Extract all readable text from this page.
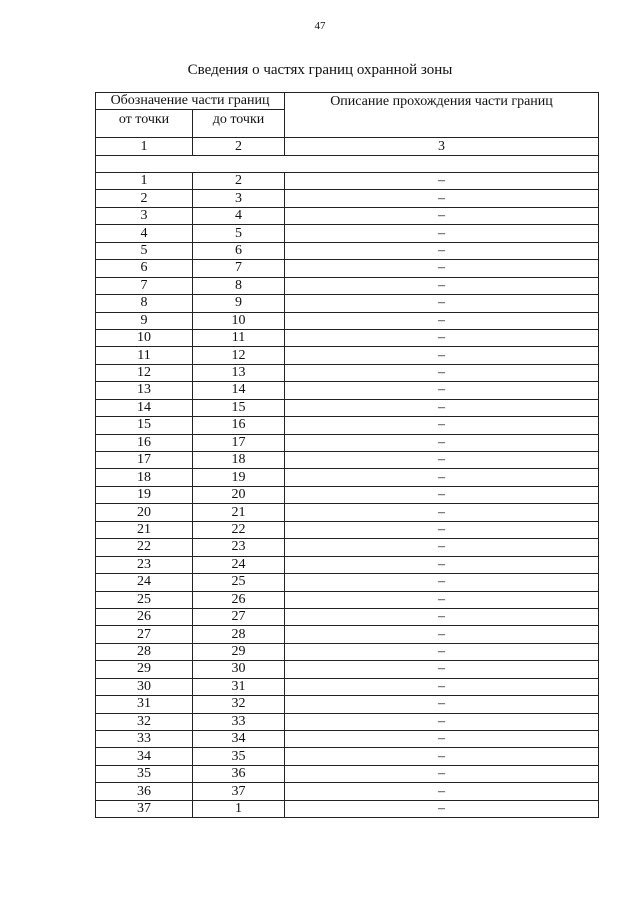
47
Сведения о частях границ охранной зоны
Обозначение части границ		Описание прохождения части границ
от точки	до точки	
1	2	3

1	2	–
2	3	–
3	4	–
4	5	–
5	6	–
6	7	–
7	8	–
8	9	–
9	10	–
10	11	–
11	12	–
12	13	–
13	14	–
14	15	–
15	16	–
16	17	–
17	18	–
18	19	–
19	20	–
20	21	–
21	22	–
22	23	–
23	24	–
24	25	–
25	26	–
26	27	–
27	28	–
28	29	–
29	30	–
30	31	–
31	32	–
32	33	–
33	34	–
34	35	–
35	36	–
36	37	–
37	1	–
